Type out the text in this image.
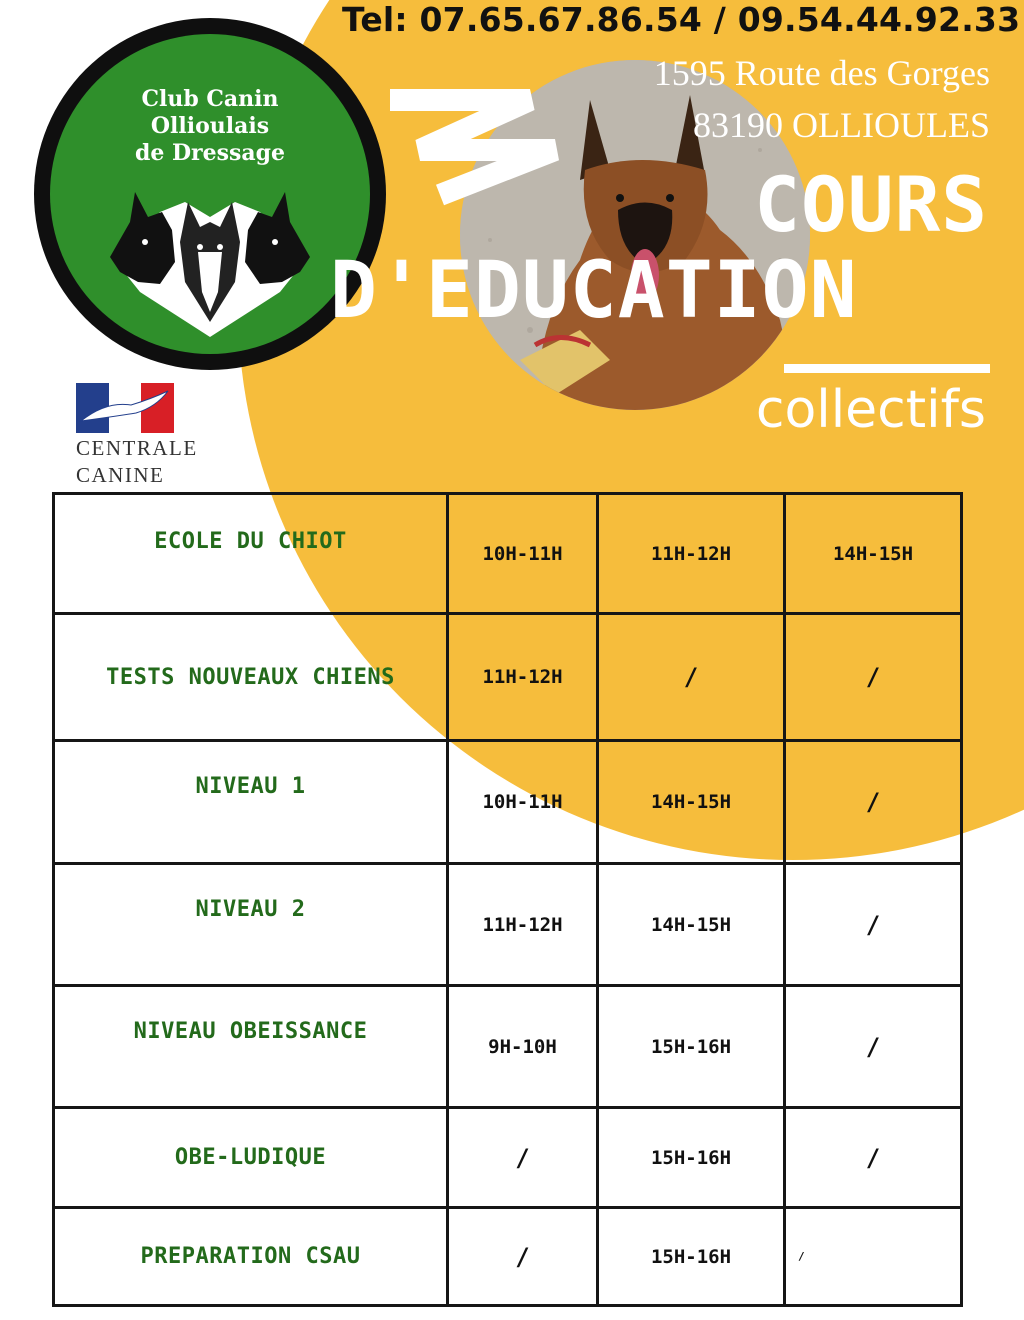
Tel: 07.65.67.86.54 / 09.54.44.92.33
1595 Route des Gorges
83190 OLLIOULES
Club Canin
Ollioulais
de Dressage
COURS
D'EDUCATION
collectifs
CENTRALE
CANINE
ECOLE DU CHIOT	10H-11H	11H-12H	14H-15H

TESTS NOUVEAUX CHIENS	11H-12H	/	/

NIVEAU 1	10H-11H	14H-15H	/

NIVEAU 2	11H-12H	14H-15H	/

NIVEAU OBEISSANCE	9H-10H	15H-16H	/

OBE-LUDIQUE	/	15H-16H	/

PREPARATION CSAU	/	15H-16H	/
